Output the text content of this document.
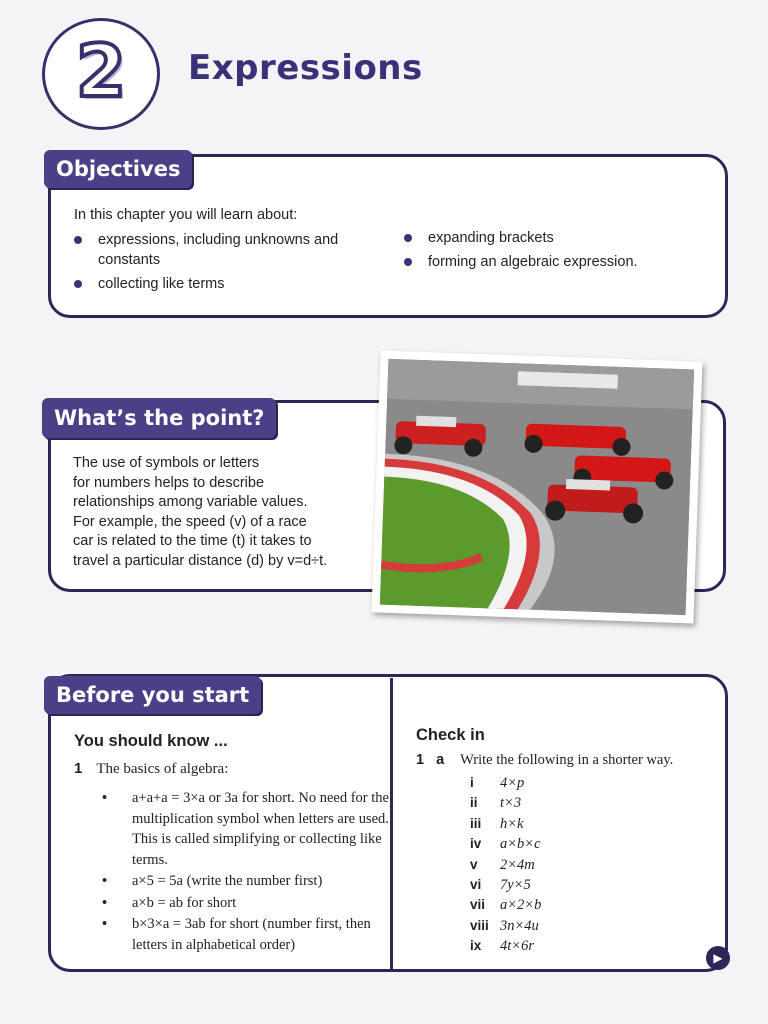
2	Expressions
Objectives
In this chapter you will learn about:
expressions, including unknowns and constants
collecting like terms
expanding brackets
forming an algebraic expression.
What’s the point?
The use of symbols or letters
for numbers helps to describe
relationships among variable values.
For example, the speed (v) of a race
car is related to the time (t) it takes to
travel a particular distance (d) by v=d÷t.
Before you start
You should know ...
1 The basics of algebra:
• a+a+a = 3×a or 3a for short. No need for the multiplication symbol when letters are used. This is called simplifying or collecting like terms.
• a×5 = 5a (write the number first)
• a×b = ab for short
• b×3×a = 3ab for short (number first, then letters in alphabetical order)
Check in
1 a Write the following in a shorter way.
i	4×p
ii	t×3
iii	h×k
iv	a×b×c
v	2×4m
vi	7y×5
vii	a×2×b
viii 3n×4u
ix	4t×6r
▶
